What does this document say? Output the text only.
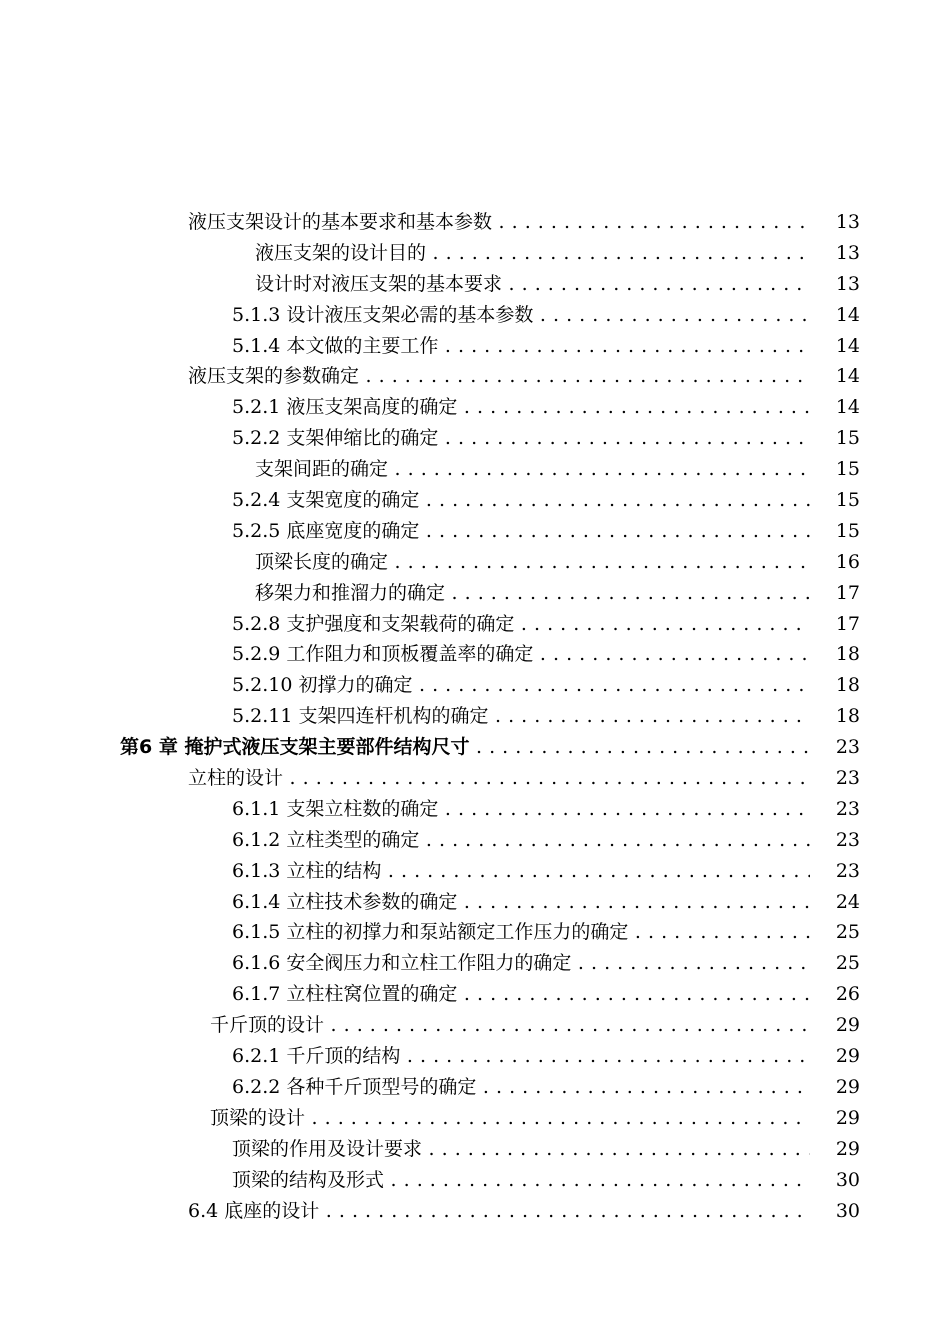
液压支架设计的基本要求和基本参数 . . .	13
液压支架的设计目的 . . .	13
设计时对液压支架的基本要求 . . .	13
5.1.3 设计液压支架必需的基本参数 . . .	14
5.1.4 本文做的主要工作 . . .	14
液压支架的参数确定 . . .	14
5.2.1 液压支架高度的确定 . . .	14
5.2.2 支架伸缩比的确定 . . .	15
支架间距的确定 . . .	15
5.2.4 支架宽度的确定 . . .	15
5.2.5 底座宽度的确定 . . .	15
顶梁长度的确定 . . .	16
移架力和推溜力的确定 . . .	17
5.2.8 支护强度和支架载荷的确定 . . .	17
5.2.9 工作阻力和顶板覆盖率的确定 . . .	18
5.2.10 初撑力的确定 . . .	18
5.2.11 支架四连杆机构的确定 . . .	18
第6 章 掩护式液压支架主要部件结构尺寸 . . .	23
立柱的设计 . . .	23
6.1.1 支架立柱数的确定 . . .	23
6.1.2 立柱类型的确定 . . .	23
6.1.3 立柱的结构 . . .	23
6.1.4 立柱技术参数的确定 . . .	24
6.1.5 立柱的初撑力和泵站额定工作压力的确定 . . .	25
6.1.6 安全阀压力和立柱工作阻力的确定 . . .	25
6.1.7 立柱柱窝位置的确定 . . .	26
千斤顶的设计 . . .	29
6.2.1 千斤顶的结构 . . .	29
6.2.2 各种千斤顶型号的确定 . . .	29
顶梁的设计 . . .	29
顶梁的作用及设计要求 . . .	29
顶梁的结构及形式 . . .	30
6.4 底座的设计 . . .	30
